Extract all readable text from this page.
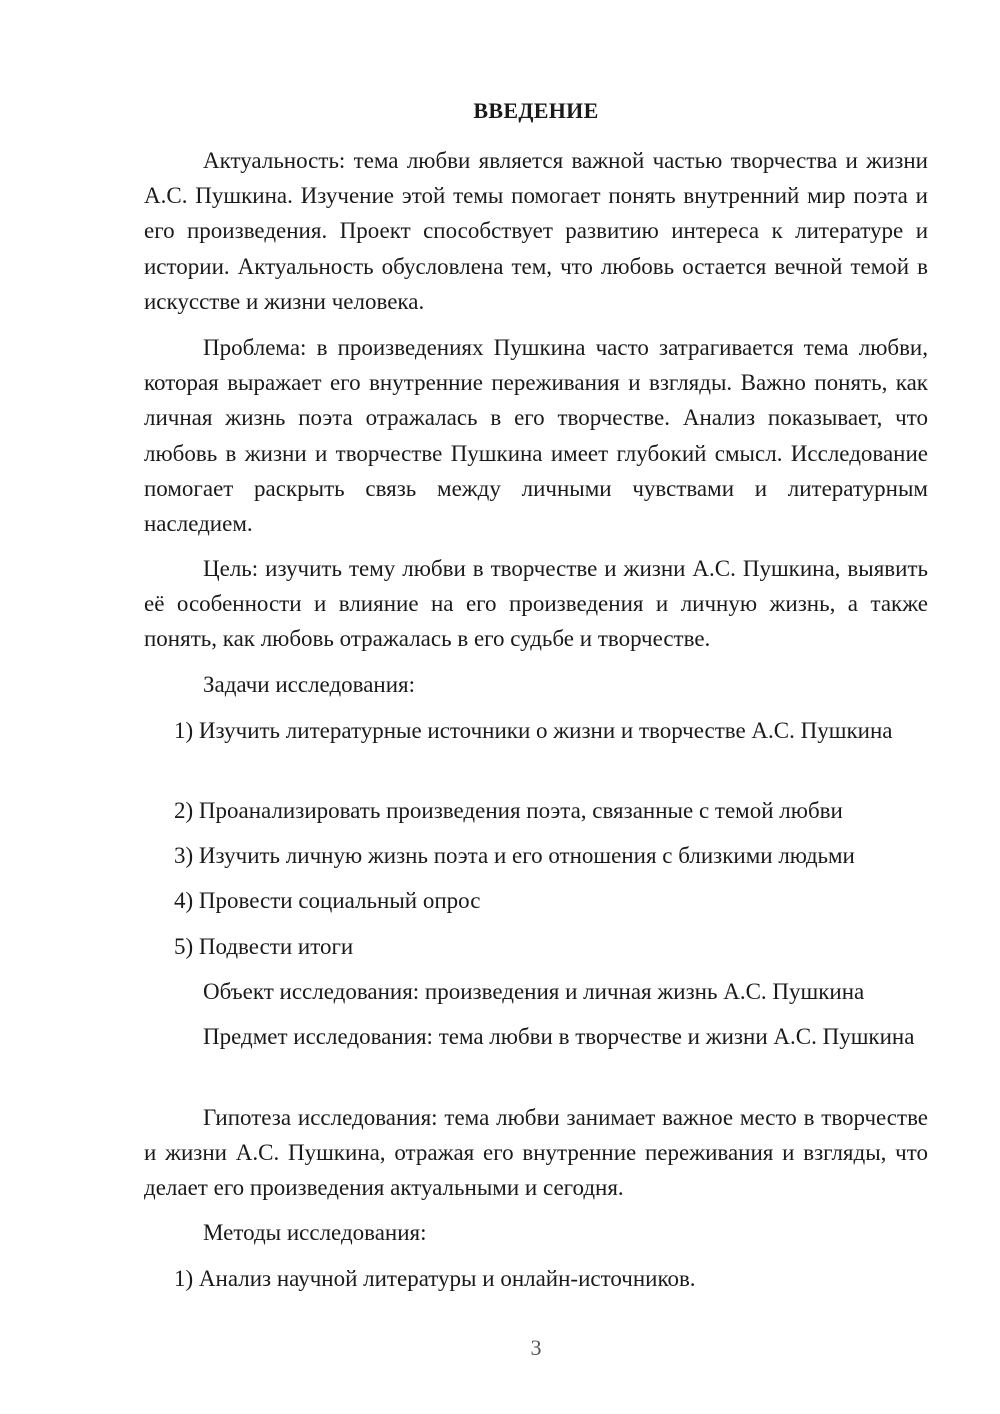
ВВЕДЕНИЕ

Актуальность: тема любви является важной частью творчества и жизни А.С. Пушкина. Изучение этой темы помогает понять внутренний мир поэта и его произведения. Проект способствует развитию интереса к литературе и истории. Актуальность обусловлена тем, что любовь остается вечной темой в искусстве и жизни человека.

Проблема: в произведениях Пушкина часто затрагивается тема любви, которая выражает его внутренние переживания и взгляды. Важно понять, как личная жизнь поэта отражалась в его творчестве. Анализ показывает, что любовь в жизни и творчестве Пушкина имеет глубокий смысл. Исследование помогает раскрыть связь между личными чувствами и литературным наследием.

Цель: изучить тему любви в творчестве и жизни А.С. Пушкина, выявить её особенности и влияние на его произведения и личную жизнь, а также понять, как любовь отражалась в его судьбе и творчестве.

Задачи исследования:

1) Изучить литературные источники о жизни и творчестве А.С. Пушкина

2) Проанализировать произведения поэта, связанные с темой любви

3) Изучить личную жизнь поэта и его отношения с близкими людьми

4) Провести социальный опрос

5) Подвести итоги

Объект исследования: произведения и личная жизнь А.С. Пушкина

Предмет исследования: тема любви в творчестве и жизни А.С. Пушкина

Гипотеза исследования: тема любви занимает важное место в творчестве и жизни А.С. Пушкина, отражая его внутренние переживания и взгляды, что делает его произведения актуальными и сегодня.

Методы исследования:

1) Анализ научной литературы и онлайн-источников.

3
